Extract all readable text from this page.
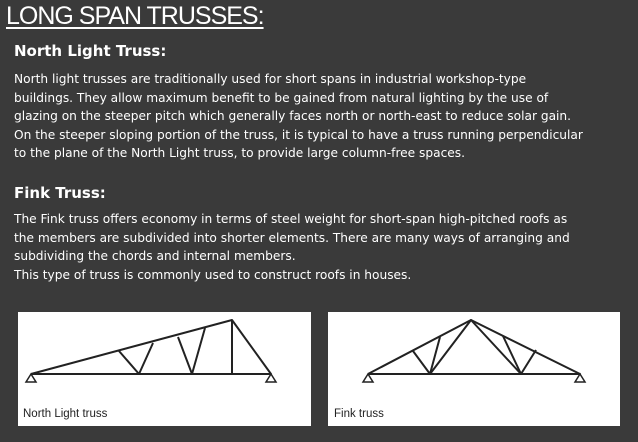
LONG SPAN TRUSSES:
North Light Truss:
North light trusses are traditionally used for short spans in industrial workshop-type
buildings. They allow maximum benefit to be gained from natural lighting by the use of
glazing on the steeper pitch which generally faces north or north-east to reduce solar gain.
On the steeper sloping portion of the truss, it is typical to have a truss running perpendicular
to the plane of the North Light truss, to provide large column-free spaces.
Fink Truss:
The Fink truss offers economy in terms of steel weight for short-span high-pitched roofs as
the members are subdivided into shorter elements. There are many ways of arranging and
subdividing the chords and internal members.
This type of truss is commonly used to construct roofs in houses.
North Light truss	Fink truss
